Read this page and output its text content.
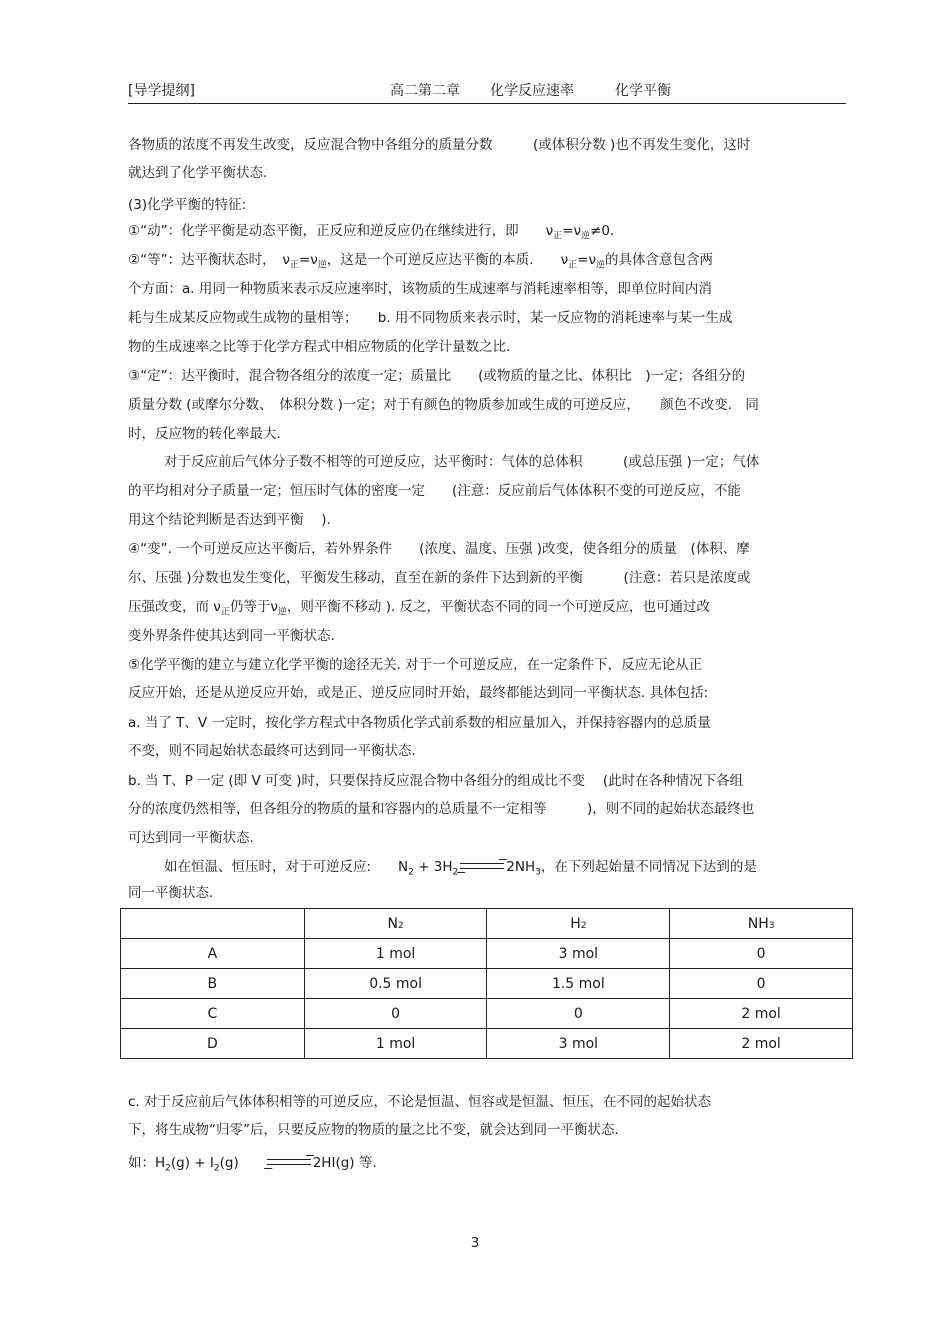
[导学提纲]	高二第二章 化学反应速率	化学平衡
各物质的浓度不再发生改变，反应混合物中各组分的质量分数　　　(或体积分数 )也不再发生变化，这时
就达到了化学平衡状态.
(3)化学平衡的特征:
①“动”：化学平衡是动态平衡，正反应和逆反应仍在继续进行，即　　$\nu_正=\nu_逆\ne 0$.
②“等”：达平衡状态时，　$\nu_正=\nu_逆$，这是一个可逆反应达平衡的本质.　　$\nu_正=\nu_逆$的具体含意包含两
个方面：a. 用同一种物质来表示反应速率时，该物质的生成速率与消耗速率相等，即单位时间内消
耗与生成某反应物或生成物的量相等；　　b. 用不同物质来表示时，某一反应物的消耗速率与某一生成
物的生成速率之比等于化学方程式中相应物质的化学计量数之比.
③“定”：达平衡时，混合物各组分的浓度一定；质量比　　(或物质的量之比、体积比　)一定；各组分的
质量分数 (或摩尔分数、　体积分数 )一定；对于有颜色的物质参加或生成的可逆反应，　　颜色不改变.　同
时，反应物的转化率最大.
对于反应前后气体分子数不相等的可逆反应，达平衡时：气体的总体积　　　(或总压强 )一定；气体
的平均相对分子质量一定；恒压时气体的密度一定　　(注意：反应前后气体体积不变的可逆反应，不能
用这个结论判断是否达到平衡　 ).
④“变”. 一个可逆反应达平衡后，若外界条件　　(浓度、温度、压强 )改变，使各组分的质量　(体积、摩
尔、压强 )分数也发生变化，平衡发生移动，直至在新的条件下达到新的平衡　　　(注意：若只是浓度或
压强改变，而 $\nu_正$仍等于$\nu_逆$，则平衡不移动 ). 反之，平衡状态不同的同一个可逆反应，也可通过改
变外界条件使其达到同一平衡状态.
⑤化学平衡的建立与建立化学平衡的途径无关. 对于一个可逆反应，在一定条件下，反应无论从正
反应开始，还是从逆反应开始，或是正、逆反应同时开始，最终都能达到同一平衡状态. 具体包括:
a. 当了 T、V 一定时，按化学方程式中各物质化学式前系数的相应量加入，并保持容器内的总质量
不变，则不同起始状态最终可达到同一平衡状态.
b. 当 T、P 一定 (即 V 可变 )时，只要保持反应混合物中各组分的组成比不变　 (此时在各种情况下各组
分的浓度仍然相等，但各组分的物质的量和容器内的总质量不一定相等　　　)，则不同的起始状态最终也
可达到同一平衡状态.
如在恒温、恒压时，对于可逆反应:　　$N_2 + 3H_2$	$2NH_3$，在下列起始量不同情况下达到的是
同一平衡状态.
	N2	H2	NH3
A	1 mol	3 mol	0
B	0.5 mol	1.5 mol	0
C	0	0	2 mol
D	1 mol	3 mol	2 mol
c. 对于反应前后气体体积相等的可逆反应，不论是恒温、恒容或是恒温、恒压，在不同的起始状态
下，将生成物“归零”后，只要反应物的物质的量之比不变，就会达到同一平衡状态.
如：$H_2(g) + I_2(g)$	2HI(g) 等.
3
